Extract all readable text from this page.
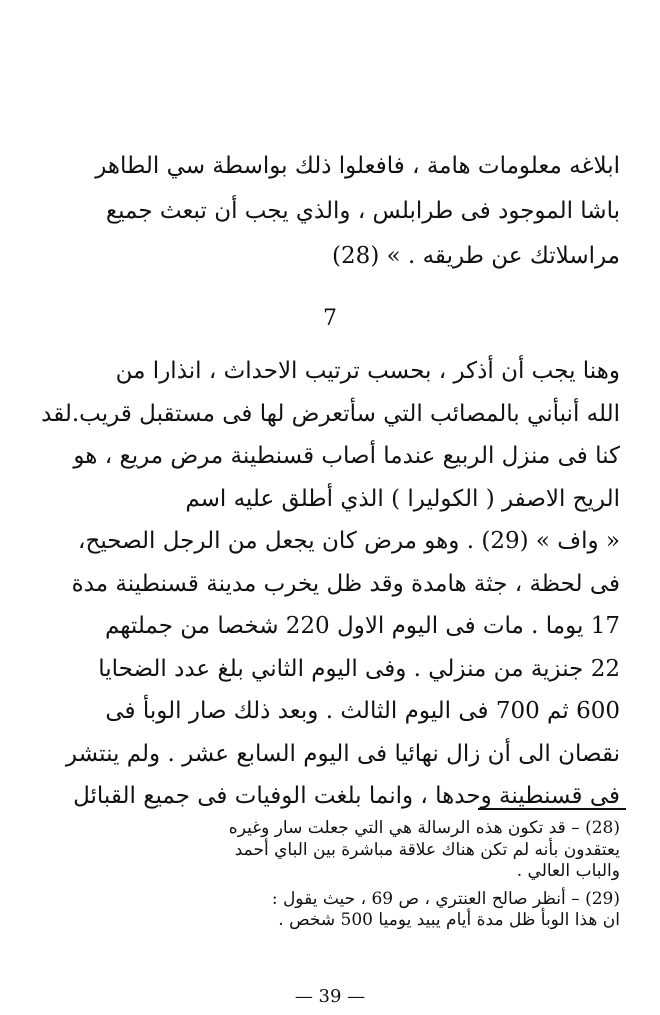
ابلاغه معلومات هامة ، فافعلوا ذلك بواسطة سي الطاهر
باشا الموجود فى طرابلس ، والذي يجب أن تبعث جميع
مراسلاتك عن طريقه . » (28)
7
وهنا يجب أن أذكر ، بحسب ترتيب الاحداث ، انذارا من
الله أنبأني بالمصائب التي سأتعرض لها فى مستقبل قريب.لقد
كنا فى منزل الربيع عندما أصاب قسنطينة مرض مريع ، هو
الريح الاصفر ( الكوليرا ) الذي أطلق عليه اسم
« واف » (29) . وهو مرض كان يجعل من الرجل الصحيح،
فى لحظة ، جثة هامدة وقد ظل يخرب مدينة قسنطينة مدة
17 يوما . مات فى اليوم الاول 220 شخصا من جملتهم
22 جنزية من منزلي . وفى اليوم الثاني بلغ عدد الضحايا
600 ثم 700 فى اليوم الثالث . وبعد ذلك صار الوبأ فى
نقصان الى أن زال نهائيا فى اليوم السابع عشر . ولم ينتشر
فى قسنطينة وحدها ، وانما بلغت الوفيات فى جميع القبائل
(28) – قد تكون هذه الرسالة هي التي جعلت سار وغيره
يعتقدون بأنه لم تكن هناك علاقة مباشرة بين الباي أحمد
والباب العالي .
(29) – أنظر صالح العنتري ، ص 69 ، حيث يقول :
ان هذا الوبأ ظل مدة أيام يبيد يوميا 500 شخص .
— 39 —
